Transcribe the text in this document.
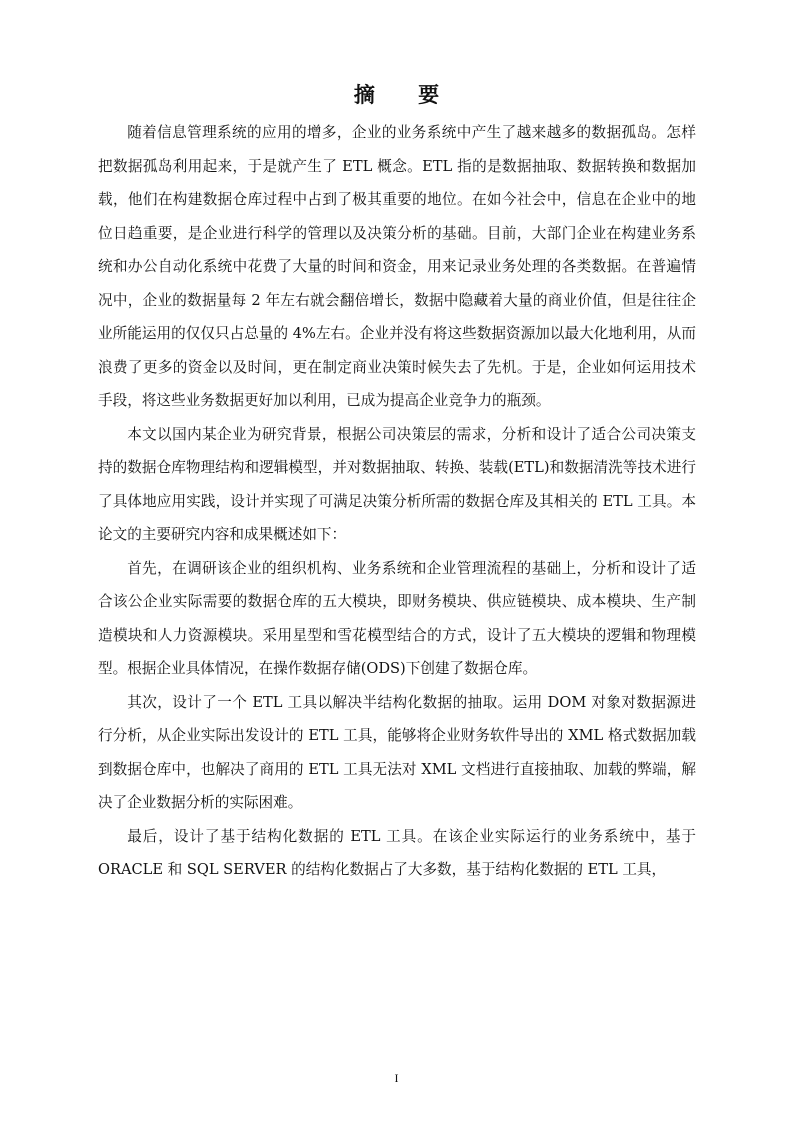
摘 要

随着信息管理系统的应用的增多，企业的业务系统中产生了越来越多的数据孤岛。怎样把数据孤岛利用起来，于是就产生了 ETL 概念。ETL 指的是数据抽取、数据转换和数据加载，他们在构建数据仓库过程中占到了极其重要的地位。在如今社会中，信息在企业中的地位日趋重要，是企业进行科学的管理以及决策分析的基础。目前，大部门企业在构建业务系统和办公自动化系统中花费了大量的时间和资金，用来记录业务处理的各类数据。在普遍情况中，企业的数据量每 2 年左右就会翻倍增长，数据中隐藏着大量的商业价值，但是往往企业所能运用的仅仅只占总量的 4%左右。企业并没有将这些数据资源加以最大化地利用，从而浪费了更多的资金以及时间，更在制定商业决策时候失去了先机。于是，企业如何运用技术手段，将这些业务数据更好加以利用，已成为提高企业竞争力的瓶颈。

本文以国内某企业为研究背景，根据公司决策层的需求，分析和设计了适合公司决策支持的数据仓库物理结构和逻辑模型，并对数据抽取、转换、装载(ETL)和数据清洗等技术进行了具体地应用实践，设计并实现了可满足决策分析所需的数据仓库及其相关的 ETL 工具。本论文的主要研究内容和成果概述如下：

首先，在调研该企业的组织机构、业务系统和企业管理流程的基础上，分析和设计了适合该公企业实际需要的数据仓库的五大模块，即财务模块、供应链模块、成本模块、生产制造模块和人力资源模块。采用星型和雪花模型结合的方式，设计了五大模块的逻辑和物理模型。根据企业具体情况，在操作数据存储(ODS)下创建了数据仓库。

其次，设计了一个 ETL 工具以解决半结构化数据的抽取。运用 DOM 对象对数据源进行分析，从企业实际出发设计的 ETL 工具，能够将企业财务软件导出的 XML 格式数据加载到数据仓库中，也解决了商用的 ETL 工具无法对 XML 文档进行直接抽取、加载的弊端，解决了企业数据分析的实际困难。

最后，设计了基于结构化数据的 ETL 工具。在该企业实际运行的业务系统中，基于 ORACLE 和 SQL SERVER 的结构化数据占了大多数，基于结构化数据的 ETL 工具，

I
